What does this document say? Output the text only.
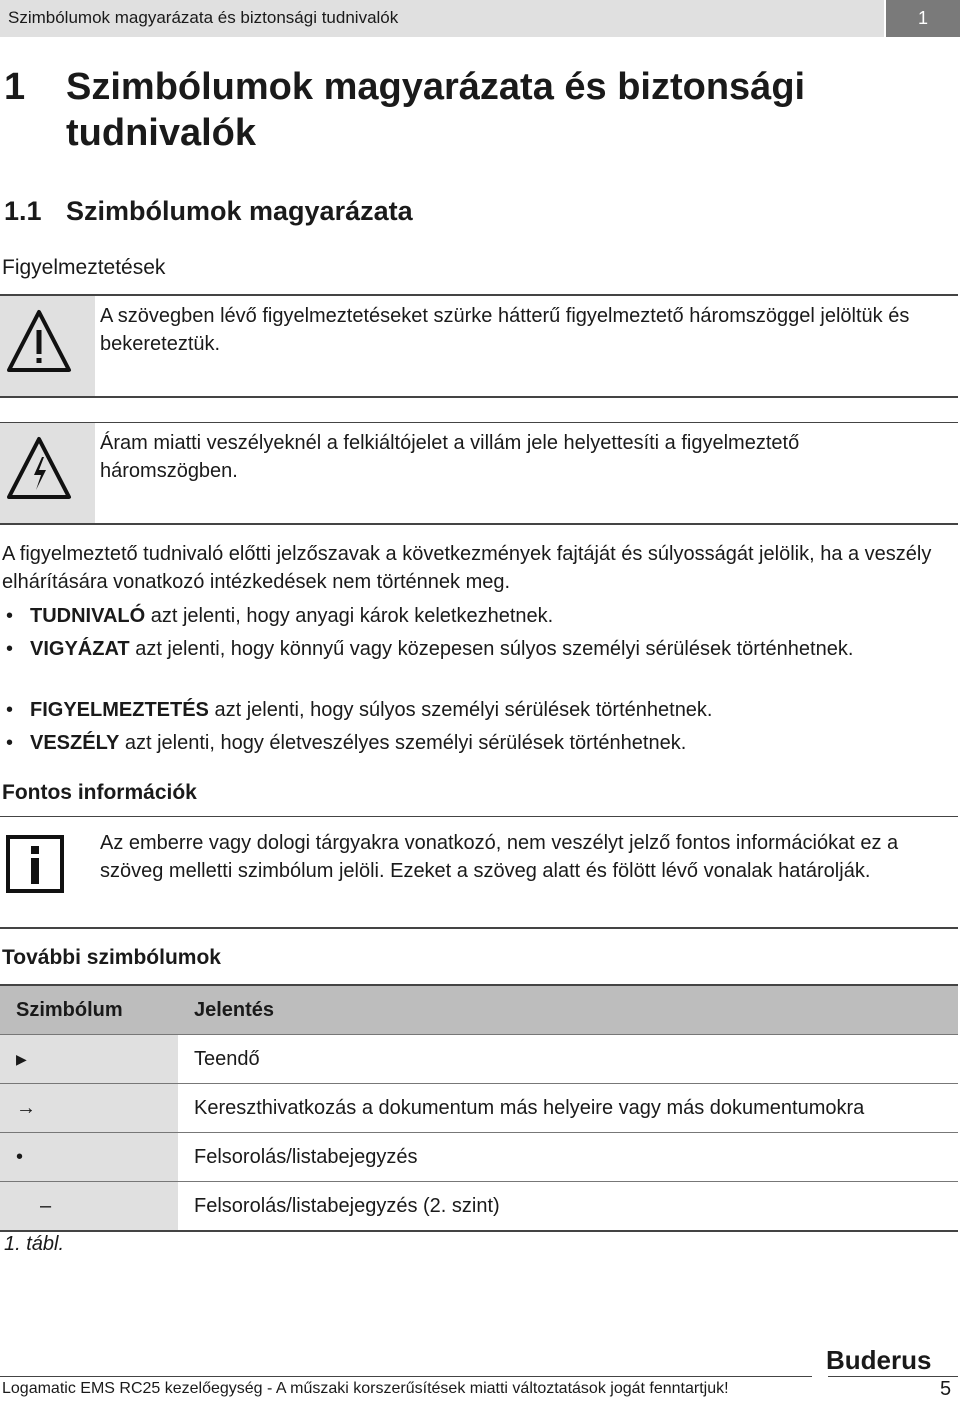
Szimbólumok magyarázata és biztonsági tudnivalók	1
1 Szimbólumok magyarázata és biztonsági tudnivalók
1.1 Szimbólumok magyarázata
Figyelmeztetések
A szövegben lévő figyelmeztetéseket szürke hátterű figyelmeztető háromszöggel jelöltük és bekereteztük.
Áram miatti veszélyeknél a felkiáltójelet a villám jele helyettesíti a figyelmeztető háromszögben.
A figyelmeztető tudnivaló előtti jelzőszavak a következmények fajtáját és súlyosságát jelölik, ha a veszély elhárítására vonatkozó intézkedések nem történnek meg.
• TUDNIVALÓ azt jelenti, hogy anyagi károk keletkezhetnek.
• VIGYÁZAT azt jelenti, hogy könnyű vagy közepesen súlyos személyi sérülések történhetnek.
• FIGYELMEZTETÉS azt jelenti, hogy súlyos személyi sérülések történhetnek.
• VESZÉLY azt jelenti, hogy életveszélyes személyi sérülések történhetnek.
Fontos információk
Az emberre vagy dologi tárgyakra vonatkozó, nem veszélyt jelző fontos információkat ez a szöveg melletti szimbólum jelöli. Ezeket a szöveg alatt és fölött lévő vonalak határolják.
További szimbólumok
Szimbólum	Jelentés
▶	Teendő
→	Kereszthivatkozás a dokumentum más helyeire vagy más dokumentumokra
•	Felsorolás/listabejegyzés
–	Felsorolás/listabejegyzés (2. szint)
1. tábl.
Buderus
Logamatic EMS RC25 kezelőegység - A műszaki korszerűsítések miatti változtatások jogát fenntartjuk!	5
